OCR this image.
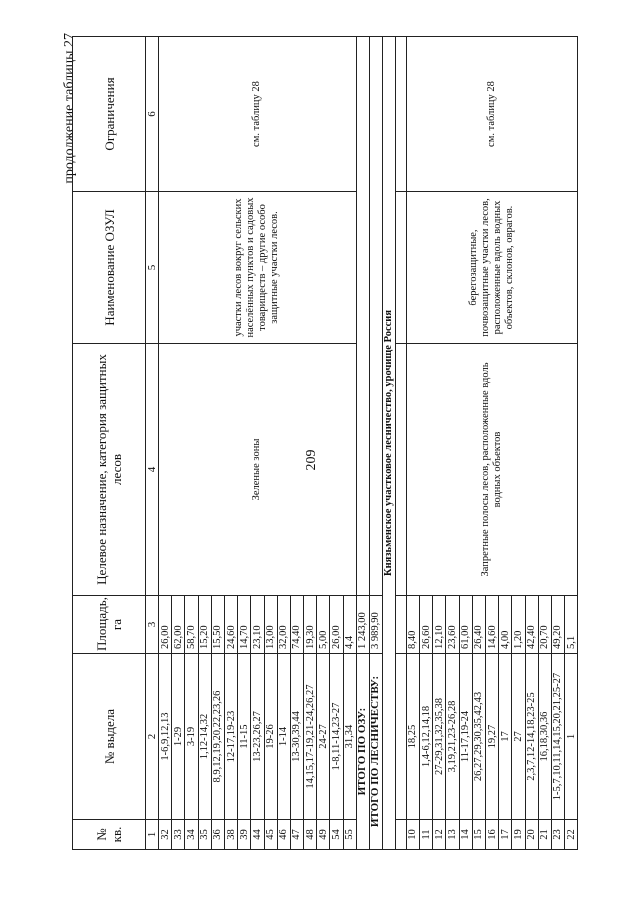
209
продолжение таблицы 27
№ кв.	№ выдела	Площадь, га	Целевое назначение, категория защитных лесов	Наименование ОЗУЛ	Ограничения
1	2	3	4	5	6
32	1-6,9,12,13	26,00	Зеленые зоны	участки лесов вокруг сельских населённых пунктов и садовых товариществ – другие особо защитные участки лесов.	см. таблицу 28
33	1-29	62,00			
34	3-19	58,70			
35	1,12-14,32	15,20			
36	8,9,12,19,20,22,23,26	15,50			
38	12-17,19-23	24,60			
39	11-15	14,70			
44	13-23,26,27	23,10			
45	19-26	13,00			
46	1-14	32,00			
47	13-30,39,44	74,40			
48	14,15,17-19,21-24,26,27	19,30			
49	24-27	5,00			
54	1-8,11-14,23-27	26,00			
55	31,34	4,4			
ИТОГО ПО ОЗУ:		1 243,00			
ИТОГО ПО ЛЕСНИЧЕСТВУ:		3 989,90			
Князьменское участковое лесничество, урочище Россия					

10	18,25	8,40	Запретные полосы лесов, расположенные вдоль водных объектов	берегозащитные, почвозащитные участки лесов, расположенные вдоль водных объектов, склонов, оврагов.	см. таблицу 28
11	1,4-6,12,14,18	26,60			
12	27-29,31,32,35,38	12,10			
13	3,19,21,23-26,28	23,60			
14	11-17,19-24	61,00			
15	26,27,29,30,35,42,43	26,40			
16	19,27	14,60			
17	17	4,00			
19	27	1,20			
20	2,3,7,12-14,18,23-25	42,40			
21	16,18,30,36	20,70			
23	1-5,7,10,11,14,15,20,21,25-27	49,20			
22	1	5,1			
